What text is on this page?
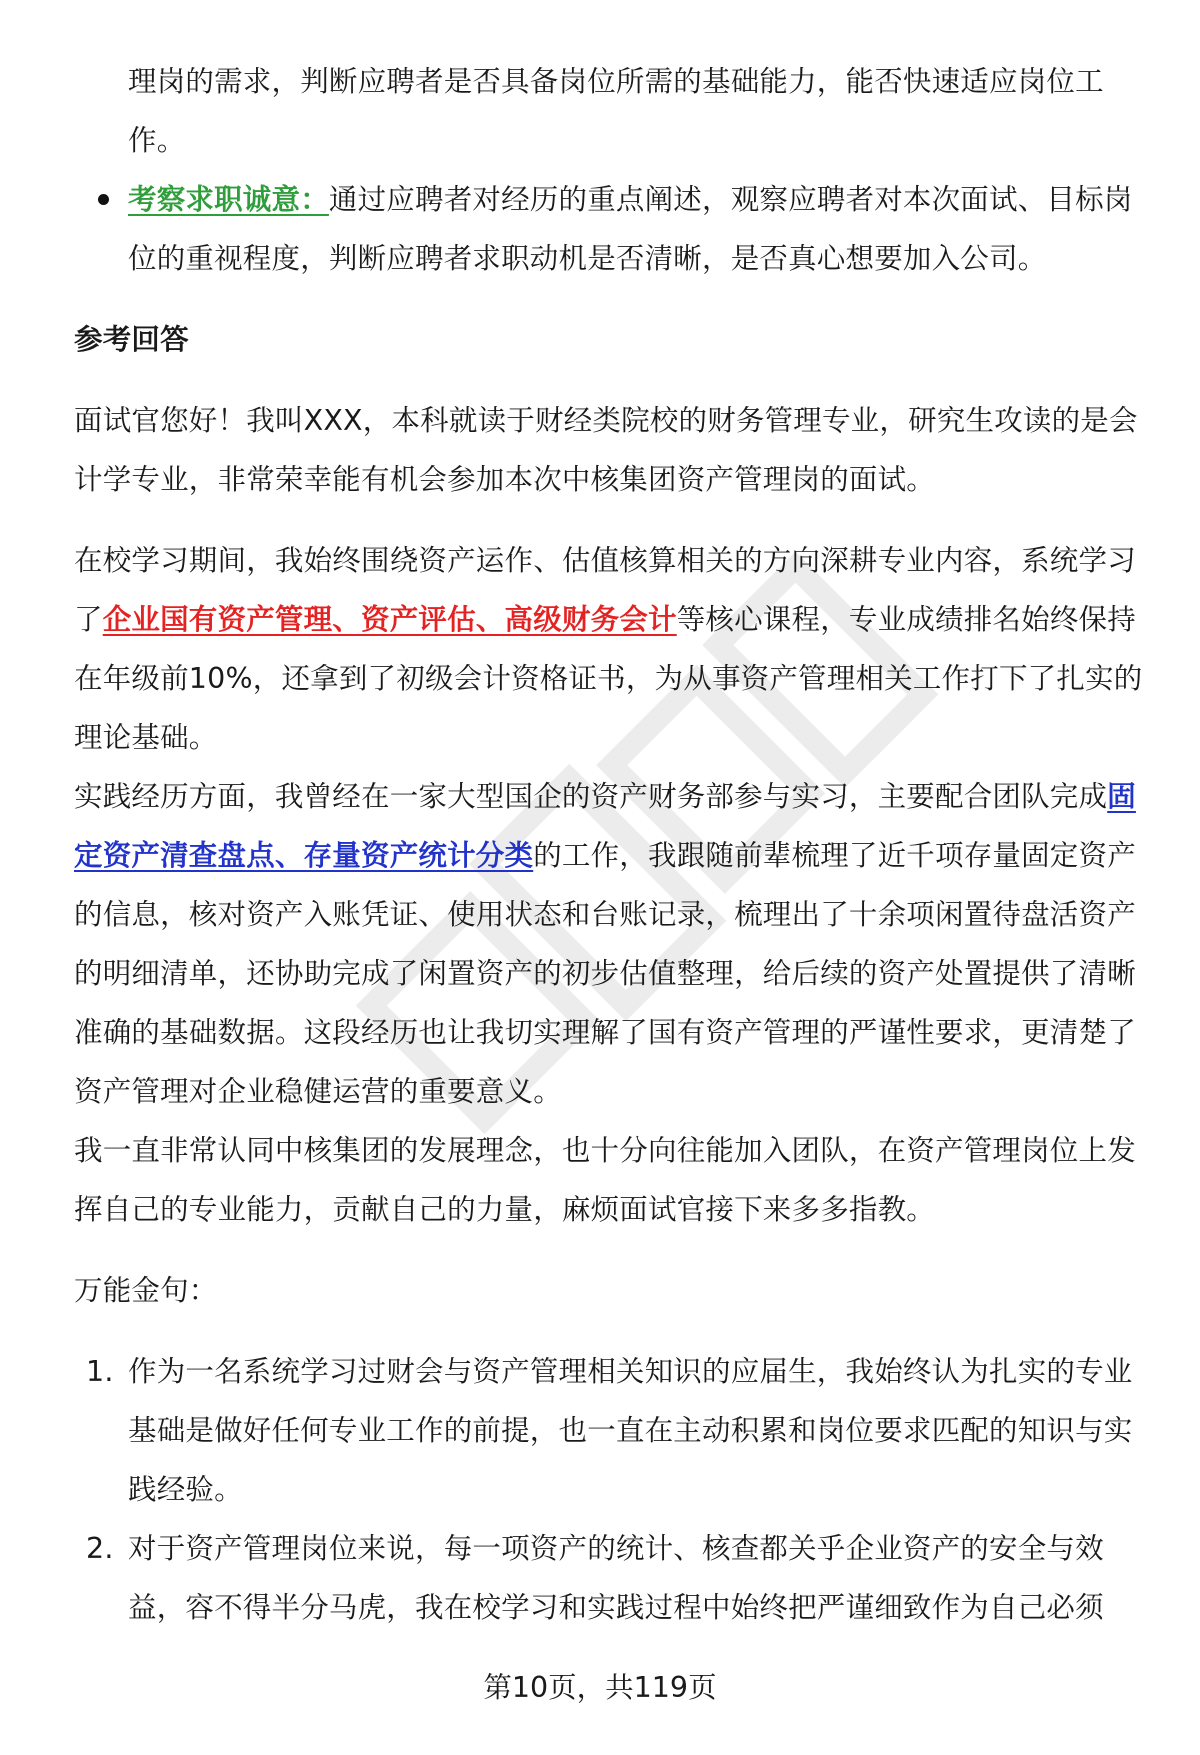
理岗的需求，判断应聘者是否具备岗位所需的基础能力，能否快速适应岗位工
作。
考察求职诚意：通过应聘者对经历的重点阐述，观察应聘者对本次面试、目标岗位的重视程度，判断应聘者求职动机是否清晰，是否真心想要加入公司。
参考回答

面试官您好！我叫XXX，本科就读于财经类院校的财务管理专业，研究生攻读的是会计学专业，非常荣幸能有机会参加本次中核集团资产管理岗的面试。

在校学习期间，我始终围绕资产运作、估值核算相关的方向深耕专业内容，系统学习了企业国有资产管理、资产评估、高级财务会计等核心课程，专业成绩排名始终保持在年级前10%，还拿到了初级会计资格证书，为从事资产管理相关工作打下了扎实的理论基础。

实践经历方面，我曾经在一家大型国企的资产财务部参与实习，主要配合团队完成固定资产清查盘点、存量资产统计分类的工作，我跟随前辈梳理了近千项存量固定资产的信息，核对资产入账凭证、使用状态和台账记录，梳理出了十余项闲置待盘活资产的明细清单，还协助完成了闲置资产的初步估值整理，给后续的资产处置提供了清晰准确的基础数据。这段经历也让我切实理解了国有资产管理的严谨性要求，更清楚了资产管理对企业稳健运营的重要意义。

我一直非常认同中核集团的发展理念，也十分向往能加入团队，在资产管理岗位上发挥自己的专业能力，贡献自己的力量，麻烦面试官接下来多多指教。

万能金句：

1. 作为一名系统学习过财会与资产管理相关知识的应届生，我始终认为扎实的专业基础是做好任何专业工作的前提，也一直在主动积累和岗位要求匹配的知识与实践经验。
2. 对于资产管理岗位来说，每一项资产的统计、核查都关乎企业资产的安全与效益，容不得半分马虎，我在校学习和实践过程中始终把严谨细致作为自己必须
第10页，共119页
